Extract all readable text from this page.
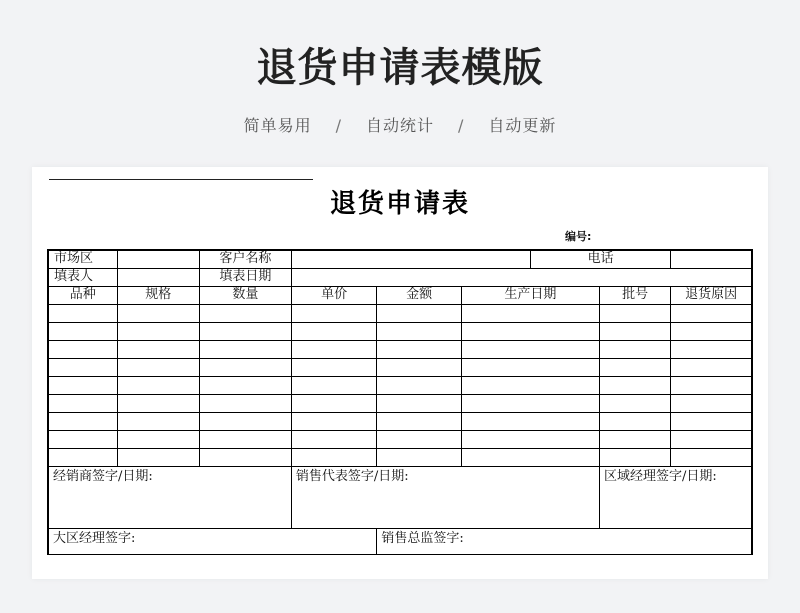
退货申请表模版
简单易用 / 自动统计 / 自动更新
退货申请表
编号:
市场区		客户名称				电话		
填表人		填表日期						
品种	规格	数量	单价	金额	生产日期		批号	退货原因

经销商签字/日期:			销售代表签字/日期:				区域经理签字/日期:	
大区经理签字:				销售总监签字:				
